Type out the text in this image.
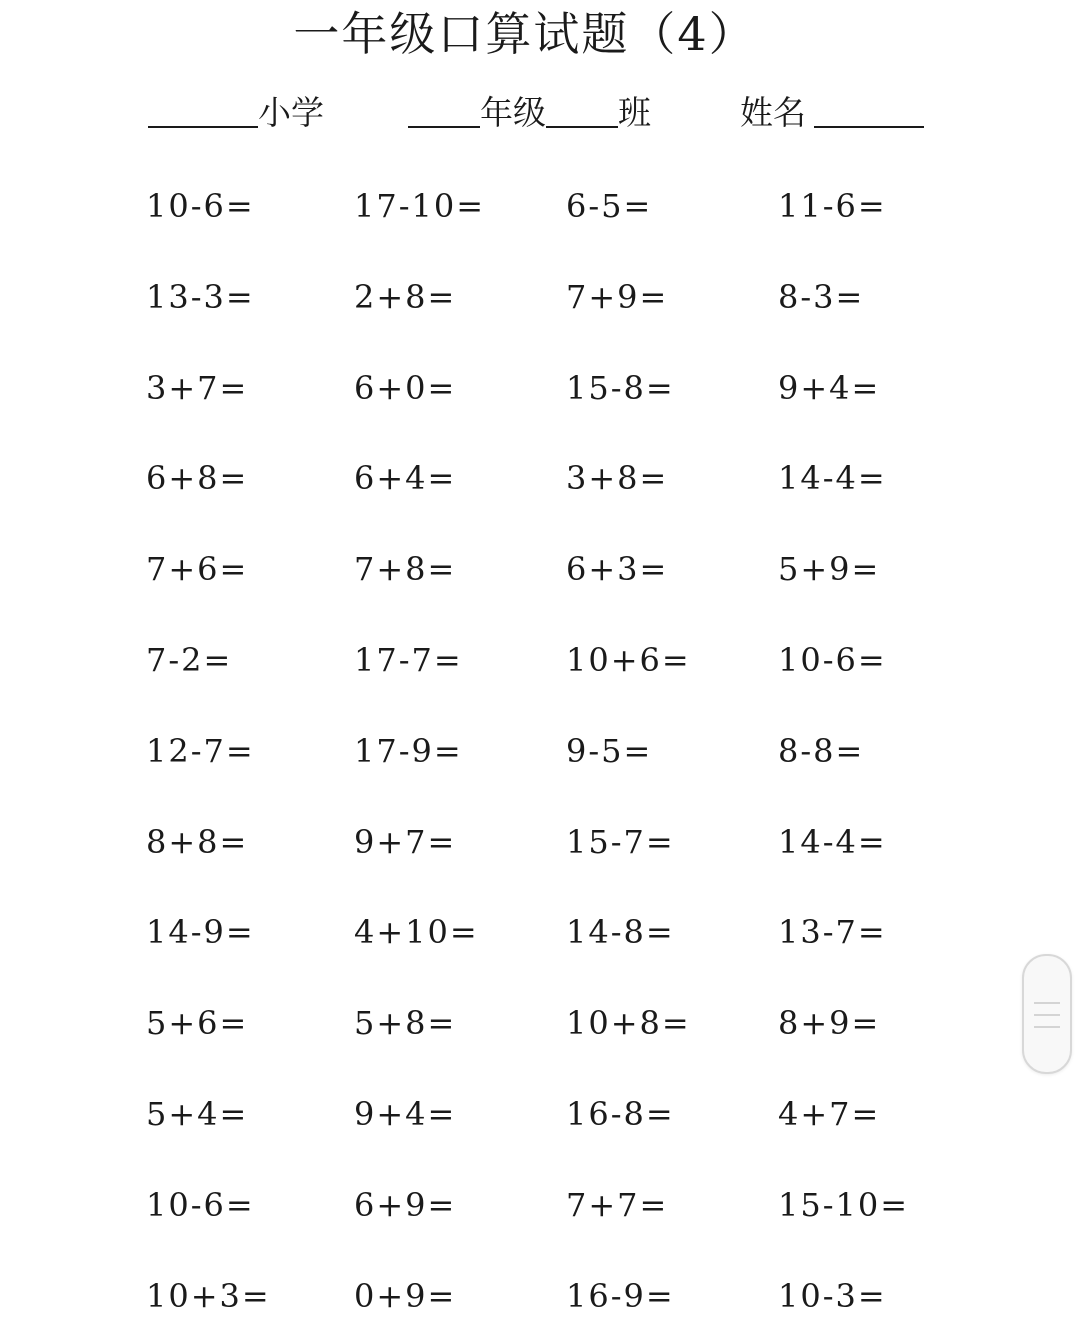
一年级口算试题（4）
小学	年级 班	姓名
10-6=	17-10=	6-5=	11-6=
13-3=	2+8=	7+9=	8-3=
3+7=	6+0=	15-8=	9+4=
6+8=	6+4=	3+8=	14-4=
7+6=	7+8=	6+3=	5+9=
7-2=	17-7=	10+6=	10-6=
12-7=	17-9=	9-5=	8-8=
8+8=	9+7=	15-7=	14-4=
14-9=	4+10=	14-8=	13-7=
5+6=	5+8=	10+8=	8+9=
5+4=	9+4=	16-8=	4+7=
10-6=	6+9=	7+7=	15-10=
10+3=	0+9=	16-9=	10-3=
